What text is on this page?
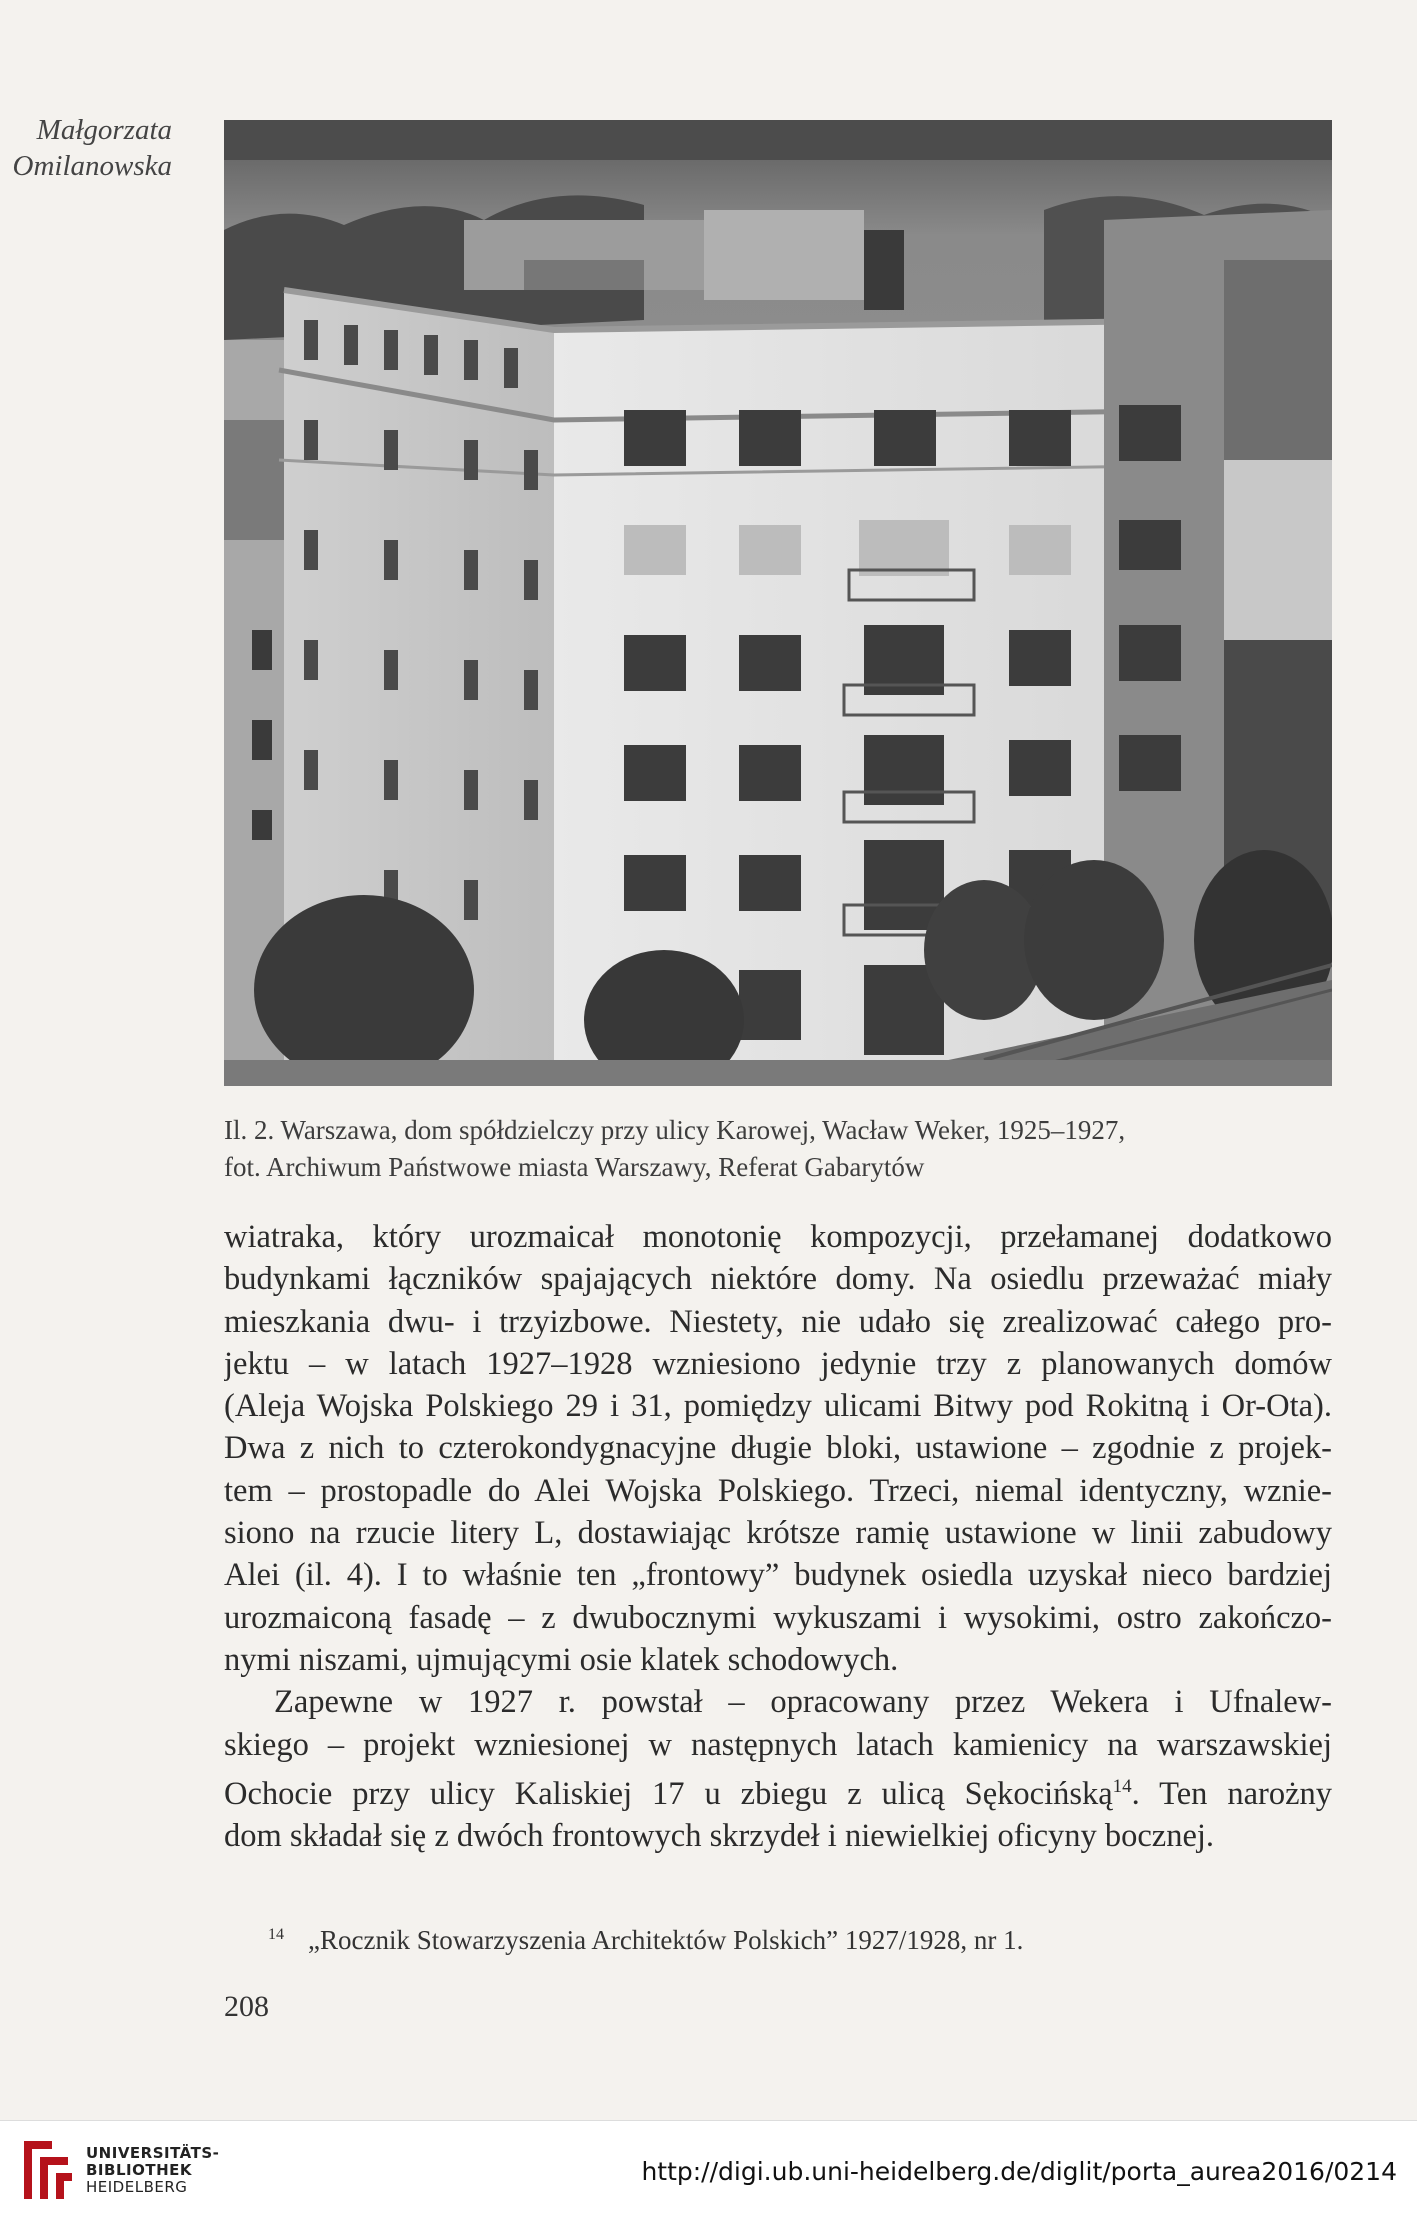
Małgorzata
Omilanowska
Il. 2. Warszawa, dom spółdzielczy przy ulicy Karowej, Wacław Weker, 1925–1927,
fot. Archiwum Państwowe miasta Warszawy, Referat Gabarytów
wiatraka, który urozmaicał monotonię kompozycji, przełamanej dodatkowo
budynkami łączników spajających niektóre domy. Na osiedlu przeważać miały
mieszkania dwu- i trzyizbowe. Niestety, nie udało się zrealizować całego pro-
jektu – w latach 1927–1928 wzniesiono jedynie trzy z planowanych domów
(Aleja Wojska Polskiego 29 i 31, pomiędzy ulicami Bitwy pod Rokitną i Or-Ota).
Dwa z nich to czterokondygnacyjne długie bloki, ustawione – zgodnie z projek-
tem – prostopadle do Alei Wojska Polskiego. Trzeci, niemal identyczny, wznie-
siono na rzucie litery L, dostawiając krótsze ramię ustawione w linii zabudowy
Alei (il. 4). I to właśnie ten „frontowy” budynek osiedla uzyskał nieco bardziej
urozmaiconą fasadę – z dwubocznymi wykuszami i wysokimi, ostro zakończo-
nymi niszami, ujmującymi osie klatek schodowych.
Zapewne w 1927 r. powstał – opracowany przez Wekera i Ufnalew-
skiego – projekt wzniesionej w następnych latach kamienicy na warszawskiej
Ochocie przy ulicy Kaliskiej 17 u zbiegu z ulicą Sękocińską$^{14}$. Ten narożny
dom składał się z dwóch frontowych skrzydeł i niewielkiej oficyny bocznej.
$^{14}$ „Rocznik Stowarzyszenia Architektów Polskich” 1927/1928, nr 1.
208
UNIVERSITÄTS-
BIBLIOTHEK
HEIDELBERG
http://digi.ub.uni-heidelberg.de/diglit/porta_aurea2016/0214
